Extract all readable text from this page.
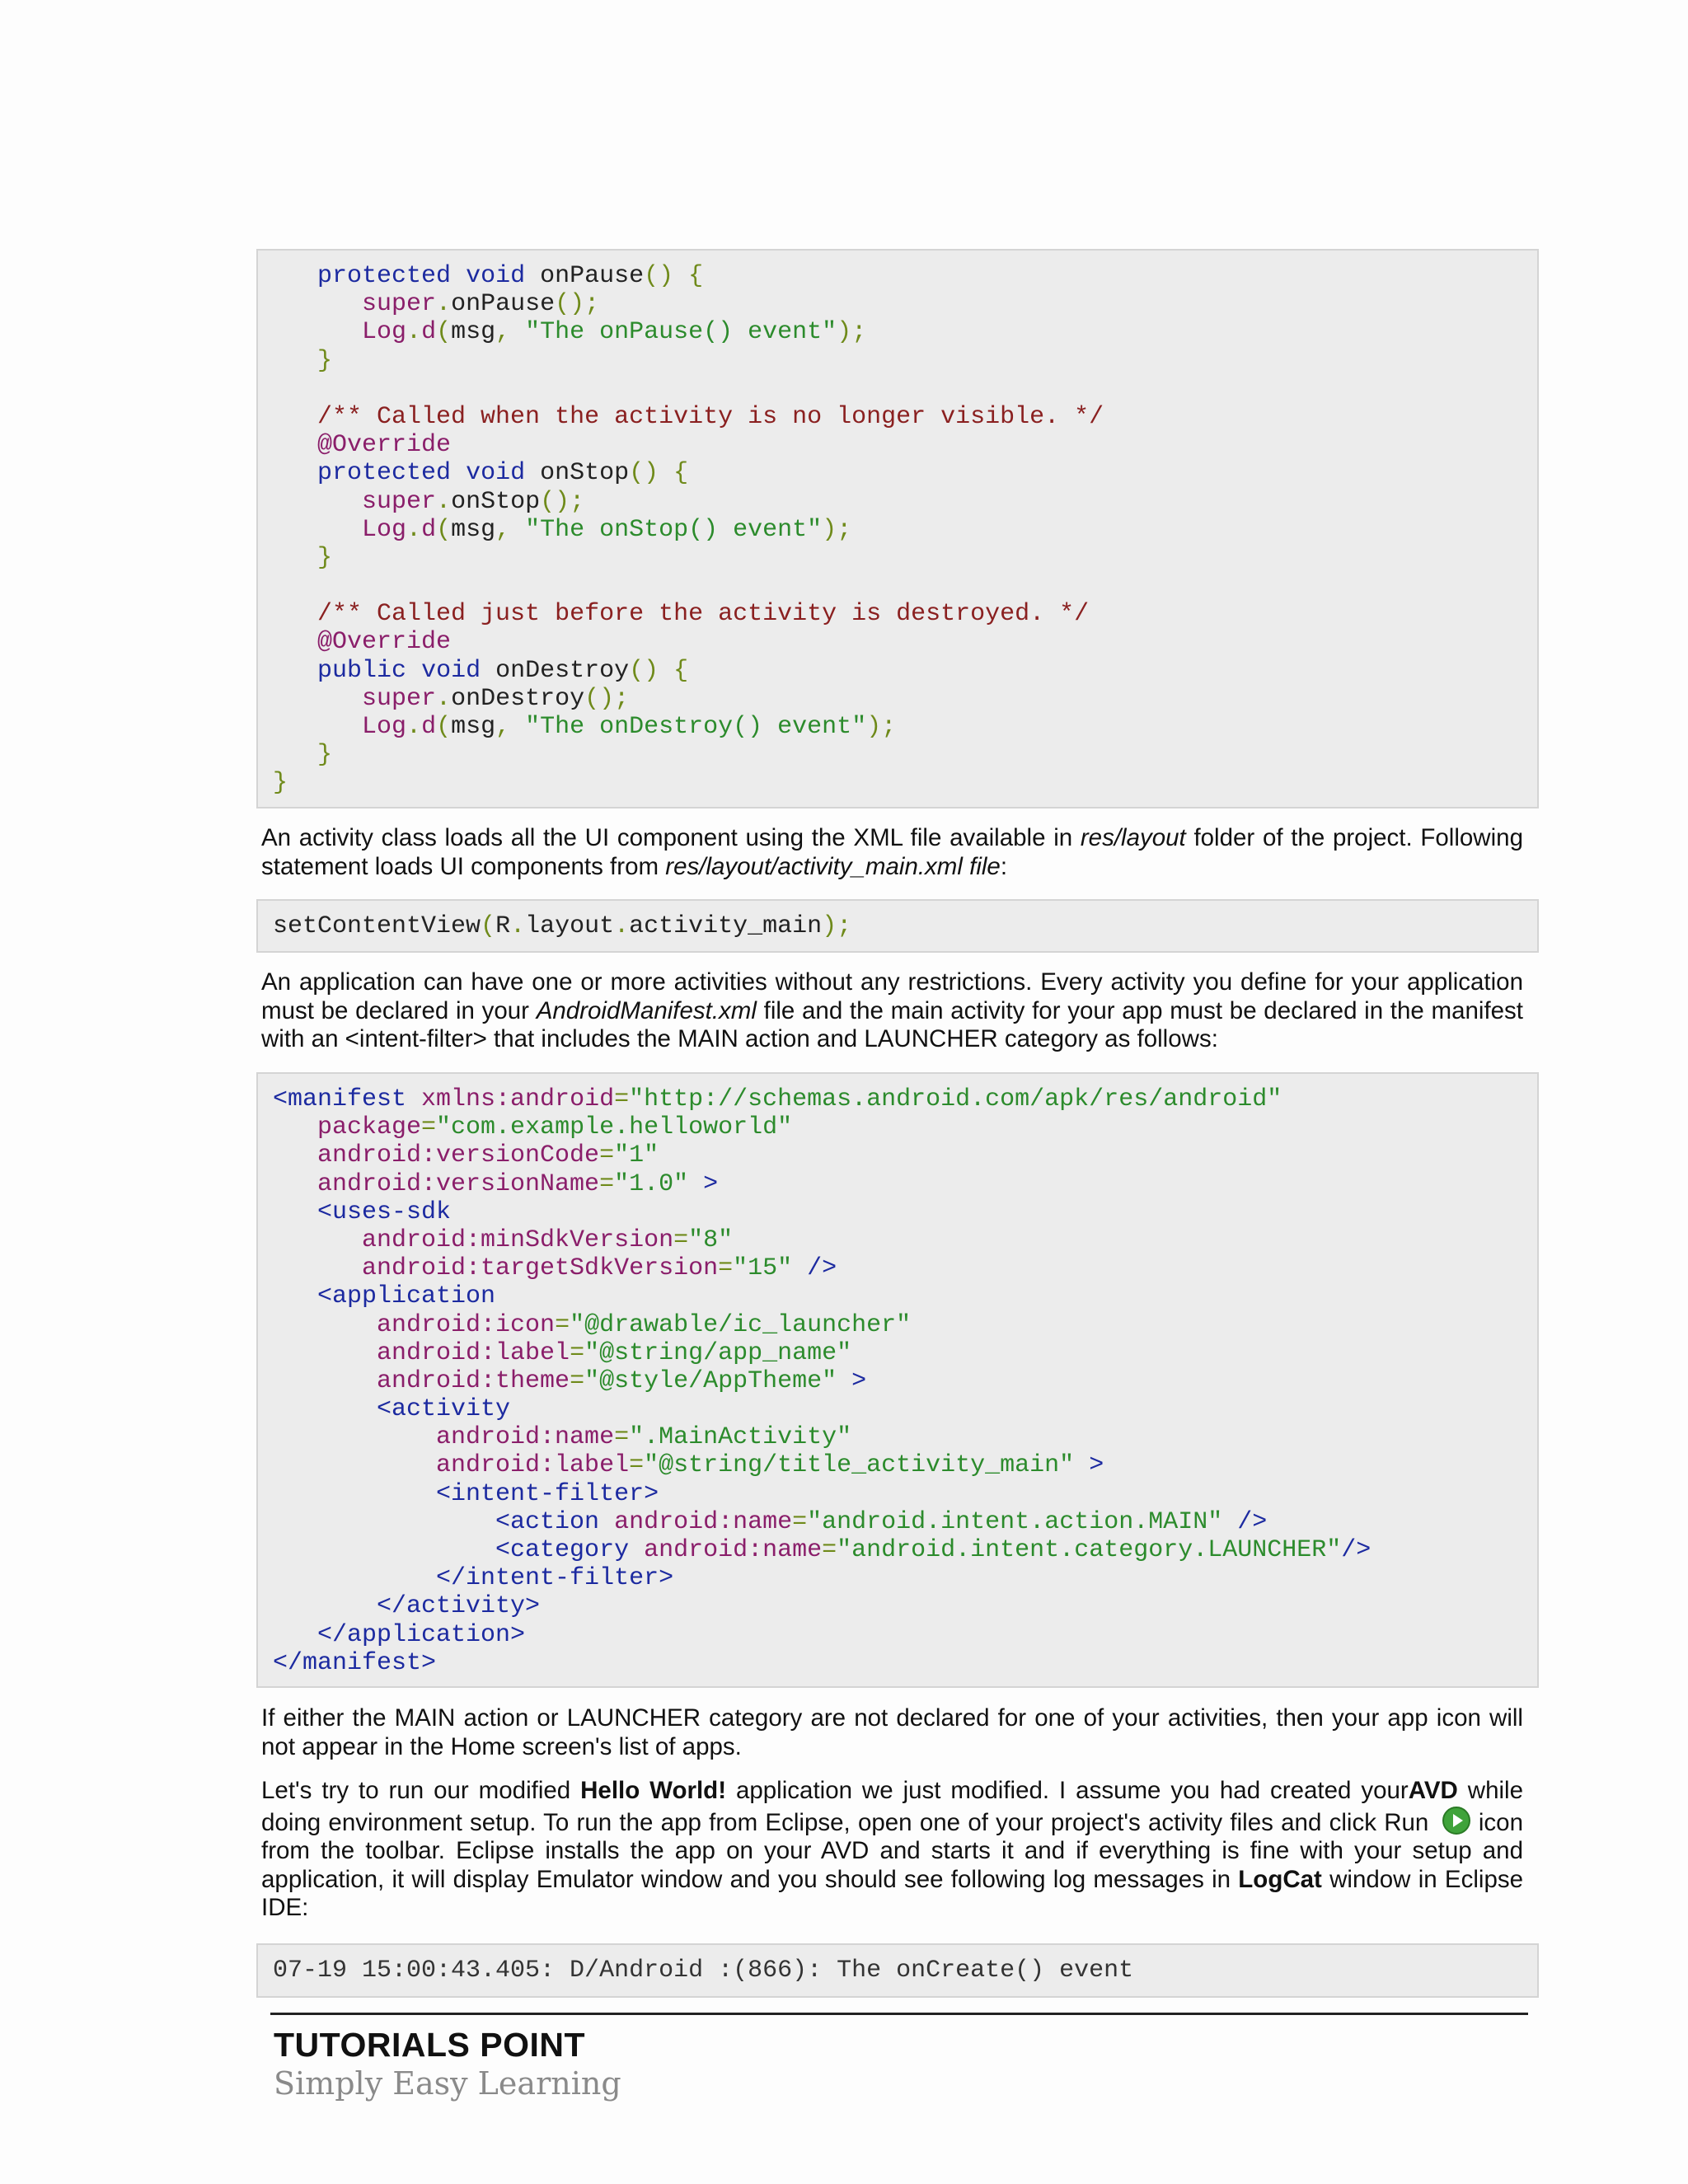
protected void onPause() {
super.onPause();
Log.d(msg, "The onPause() event");
}
/** Called when the activity is no longer visible. */
@Override
protected void onStop() {
super.onStop();
Log.d(msg, "The onStop() event");
}
/** Called just before the activity is destroyed. */
@Override
public void onDestroy() {
super.onDestroy();
Log.d(msg, "The onDestroy() event");
}
}

An activity class loads all the UI component using the XML file available in res/layout folder of the project. Following statement loads UI components from res/layout/activity_main.xml file:

setContentView(R.layout.activity_main);

An application can have one or more activities without any restrictions. Every activity you define for your application must be declared in your AndroidManifest.xml file and the main activity for your app must be declared in the manifest with an <intent-filter> that includes the MAIN action and LAUNCHER category as follows:

<manifest xmlns:android="http://schemas.android.com/apk/res/android"
package="com.example.helloworld"
android:versionCode="1"
android:versionName="1.0" >
<uses-sdk
android:minSdkVersion="8"
android:targetSdkVersion="15" />
<application
android:icon="@drawable/ic_launcher"
android:label="@string/app_name"
android:theme="@style/AppTheme" >
<activity
android:name=".MainActivity"
android:label="@string/title_activity_main" >
<intent-filter>
<action android:name="android.intent.action.MAIN" />
<category android:name="android.intent.category.LAUNCHER"/>
</intent-filter>
</activity>
</application>
</manifest>

If either the MAIN action or LAUNCHER category are not declared for one of your activities, then your app icon will not appear in the Home screen's list of apps.

Let's try to run our modified Hello World! application we just modified. I assume you had created yourAVD while doing environment setup. To run the app from Eclipse, open one of your project's activity files and click Run  icon from the toolbar. Eclipse installs the app on your AVD and starts it and if everything is fine with your setup and application, it will display Emulator window and you should see following log messages in LogCat window in Eclipse IDE:

07-19 15:00:43.405: D/Android :(866): The onCreate() event
TUTORIALS POINT
Simply Easy Learning
